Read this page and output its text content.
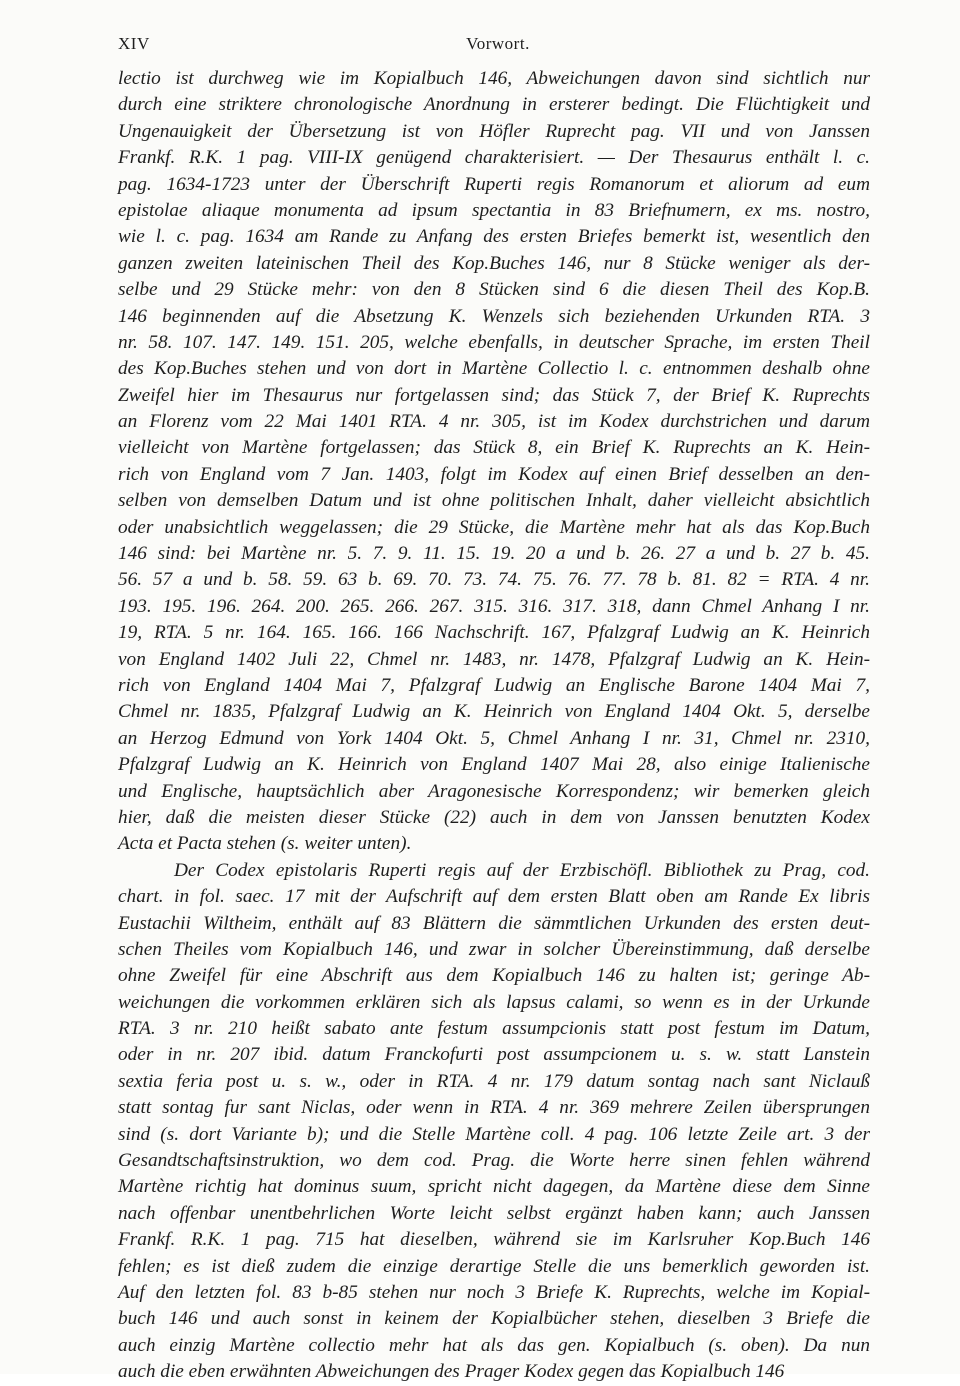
XIV	Vorwort.
lectio ist durchweg wie im Kopialbuch 146, Abweichungen davon sind sichtlich nur
durch eine striktere chronologische Anordnung in ersterer bedingt. Die Flüchtigkeit und
Ungenauigkeit der Übersetzung ist von Höfler Ruprecht pag. VII und von Janssen
Frankf. R.K. 1 pag. VIII-IX genügend charakterisiert. — Der Thesaurus enthält l. c.
pag. 1634-1723 unter der Überschrift Ruperti regis Romanorum et aliorum ad eum
epistolae aliaque monumenta ad ipsum spectantia in 83 Briefnumern, ex ms. nostro,
wie l. c. pag. 1634 am Rande zu Anfang des ersten Briefes bemerkt ist, wesentlich den
ganzen zweiten lateinischen Theil des Kop.Buches 146, nur 8 Stücke weniger als der-
selbe und 29 Stücke mehr: von den 8 Stücken sind 6 die diesen Theil des Kop.B.
146 beginnenden auf die Absetzung K. Wenzels sich beziehenden Urkunden RTA. 3
nr. 58. 107. 147. 149. 151. 205, welche ebenfalls, in deutscher Sprache, im ersten Theil
des Kop.Buches stehen und von dort in Martène Collectio l. c. entnommen deshalb ohne
Zweifel hier im Thesaurus nur fortgelassen sind; das Stück 7, der Brief K. Ruprechts
an Florenz vom 22 Mai 1401 RTA. 4 nr. 305, ist im Kodex durchstrichen und darum
vielleicht von Martène fortgelassen; das Stück 8, ein Brief K. Ruprechts an K. Hein-
rich von England vom 7 Jan. 1403, folgt im Kodex auf einen Brief desselben an den-
selben von demselben Datum und ist ohne politischen Inhalt, daher vielleicht absichtlich
oder unabsichtlich weggelassen; die 29 Stücke, die Martène mehr hat als das Kop.Buch
146 sind: bei Martène nr. 5. 7. 9. 11. 15. 19. 20 a und b. 26. 27 a und b. 27 b. 45.
56. 57 a und b. 58. 59. 63 b. 69. 70. 73. 74. 75. 76. 77. 78 b. 81. 82 = RTA. 4 nr.
193. 195. 196. 264. 200. 265. 266. 267. 315. 316. 317. 318, dann Chmel Anhang I nr.
19, RTA. 5 nr. 164. 165. 166. 166 Nachschrift. 167, Pfalzgraf Ludwig an K. Heinrich
von England 1402 Juli 22, Chmel nr. 1483, nr. 1478, Pfalzgraf Ludwig an K. Hein-
rich von England 1404 Mai 7, Pfalzgraf Ludwig an Englische Barone 1404 Mai 7,
Chmel nr. 1835, Pfalzgraf Ludwig an K. Heinrich von England 1404 Okt. 5, derselbe
an Herzog Edmund von York 1404 Okt. 5, Chmel Anhang I nr. 31, Chmel nr. 2310,
Pfalzgraf Ludwig an K. Heinrich von England 1407 Mai 28, also einige Italienische
und Englische, hauptsächlich aber Aragonesische Korrespondenz; wir bemerken gleich
hier, daß die meisten dieser Stücke (22) auch in dem von Janssen benutzten Kodex
Acta et Pacta stehen (s. weiter unten).
Der Codex epistolaris Ruperti regis auf der Erzbischöfl. Bibliothek zu Prag, cod.
chart. in fol. saec. 17 mit der Aufschrift auf dem ersten Blatt oben am Rande Ex libris
Eustachii Wiltheim, enthält auf 83 Blättern die sämmtlichen Urkunden des ersten deut-
schen Theiles vom Kopialbuch 146, und zwar in solcher Übereinstimmung, daß derselbe
ohne Zweifel für eine Abschrift aus dem Kopialbuch 146 zu halten ist; geringe Ab-
weichungen die vorkommen erklären sich als lapsus calami, so wenn es in der Urkunde
RTA. 3 nr. 210 heißt sabato ante festum assumpcionis statt post festum im Datum,
oder in nr. 207 ibid. datum Franckofurti post assumpcionem u. s. w. statt Lanstein
sextia feria post u. s. w., oder in RTA. 4 nr. 179 datum sontag nach sant Niclauß
statt sontag fur sant Niclas, oder wenn in RTA. 4 nr. 369 mehrere Zeilen übersprungen
sind (s. dort Variante b); und die Stelle Martène coll. 4 pag. 106 letzte Zeile art. 3 der
Gesandtschaftsinstruktion, wo dem cod. Prag. die Worte herre sinen fehlen während
Martène richtig hat dominus suum, spricht nicht dagegen, da Martène diese dem Sinne
nach offenbar unentbehrlichen Worte leicht selbst ergänzt haben kann; auch Janssen
Frankf. R.K. 1 pag. 715 hat dieselben, während sie im Karlsruher Kop.Buch 146
fehlen; es ist dieß zudem die einzige derartige Stelle die uns bemerklich geworden ist.
Auf den letzten fol. 83 b-85 stehen nur noch 3 Briefe K. Ruprechts, welche im Kopial-
buch 146 und auch sonst in keinem der Kopialbücher stehen, dieselben 3 Briefe die
auch einzig Martène collectio mehr hat als das gen. Kopialbuch (s. oben). Da nun
auch die eben erwähnten Abweichungen des Prager Kodex gegen das Kopialbuch 146
